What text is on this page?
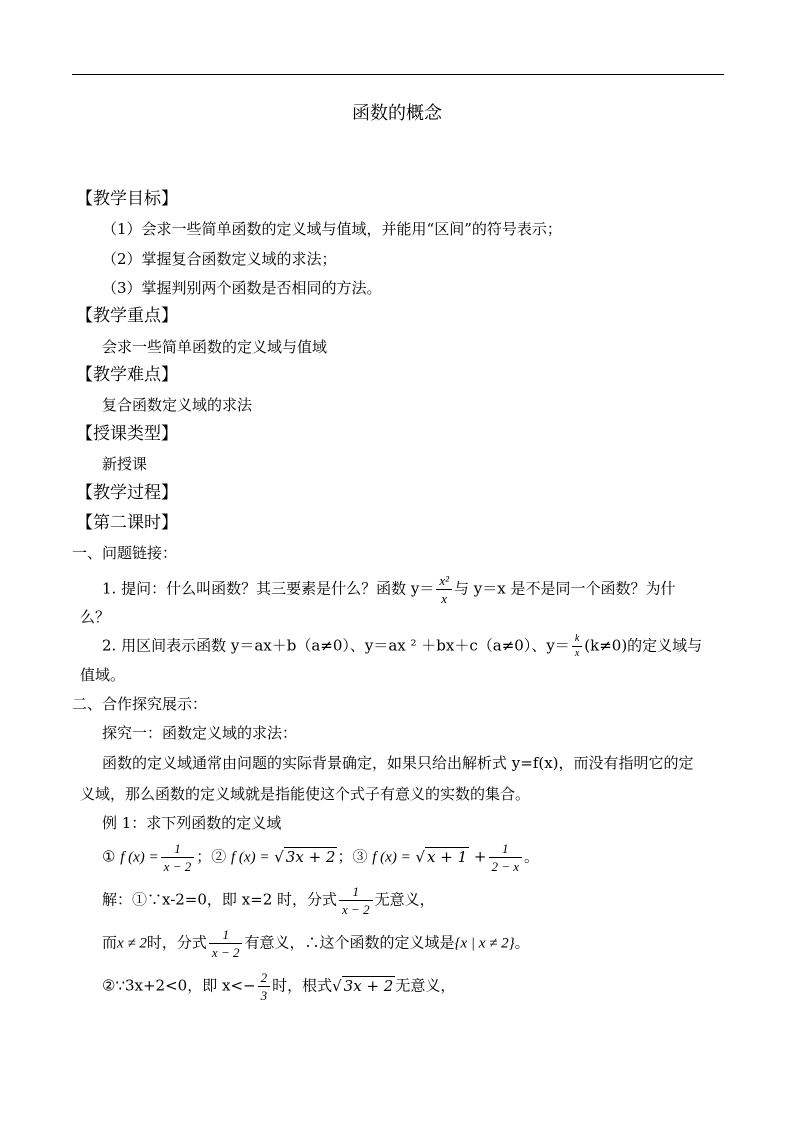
函数的概念
【教学目标】
（1）会求一些简单函数的定义域与值域，并能用“区间”的符号表示；
（2）掌握复合函数定义域的求法；
（3）掌握判别两个函数是否相同的方法。
【教学重点】
会求一些简单函数的定义域与值域
【教学难点】
复合函数定义域的求法
【授课类型】
新授课
【教学过程】
【第二课时】
一、问题链接：
1. 提问：什么叫函数？其三要素是什么？函数 $y= \frac{\text{x²}}{x}$ 与 y＝x 是不是同一个函数？为什
么？
2. 用区间表示函数 y＝ax＋b（a≠0）、y＝ax ² ＋bx＋c（a≠0）、$y= \frac{k}{x} (k\ne 0)$的定义域与
值域。
二、合作探究展示：
探究一：函数定义域的求法：
函数的定义域通常由问题的实际背景确定，如果只给出解析式 y=f(x)，而没有指明它的定
义域，那么函数的定义域就是指能使这个式子有意义的实数的集合。
例 1：求下列函数的定义域
① f $(x) = \frac{1}{x - 2}$ ；② f (x) = √ 3x + 2 ；③ f (x) = √ $x + 1 + \frac{1}{2 - x}$ 。
解：①∵x-2=0，即 x=2 时，分式 $\frac{1}{x - 2}$ 无意义，
而x ≠ 2时，分式 $\frac{1}{x - 2}$ 有意义，∴这个函数的定义域是{x | x ≠ 2}。
②∵3x+2<0，即 $x<- \frac{2}{3}$ 时，根式√ 3x + 2 无意义，
